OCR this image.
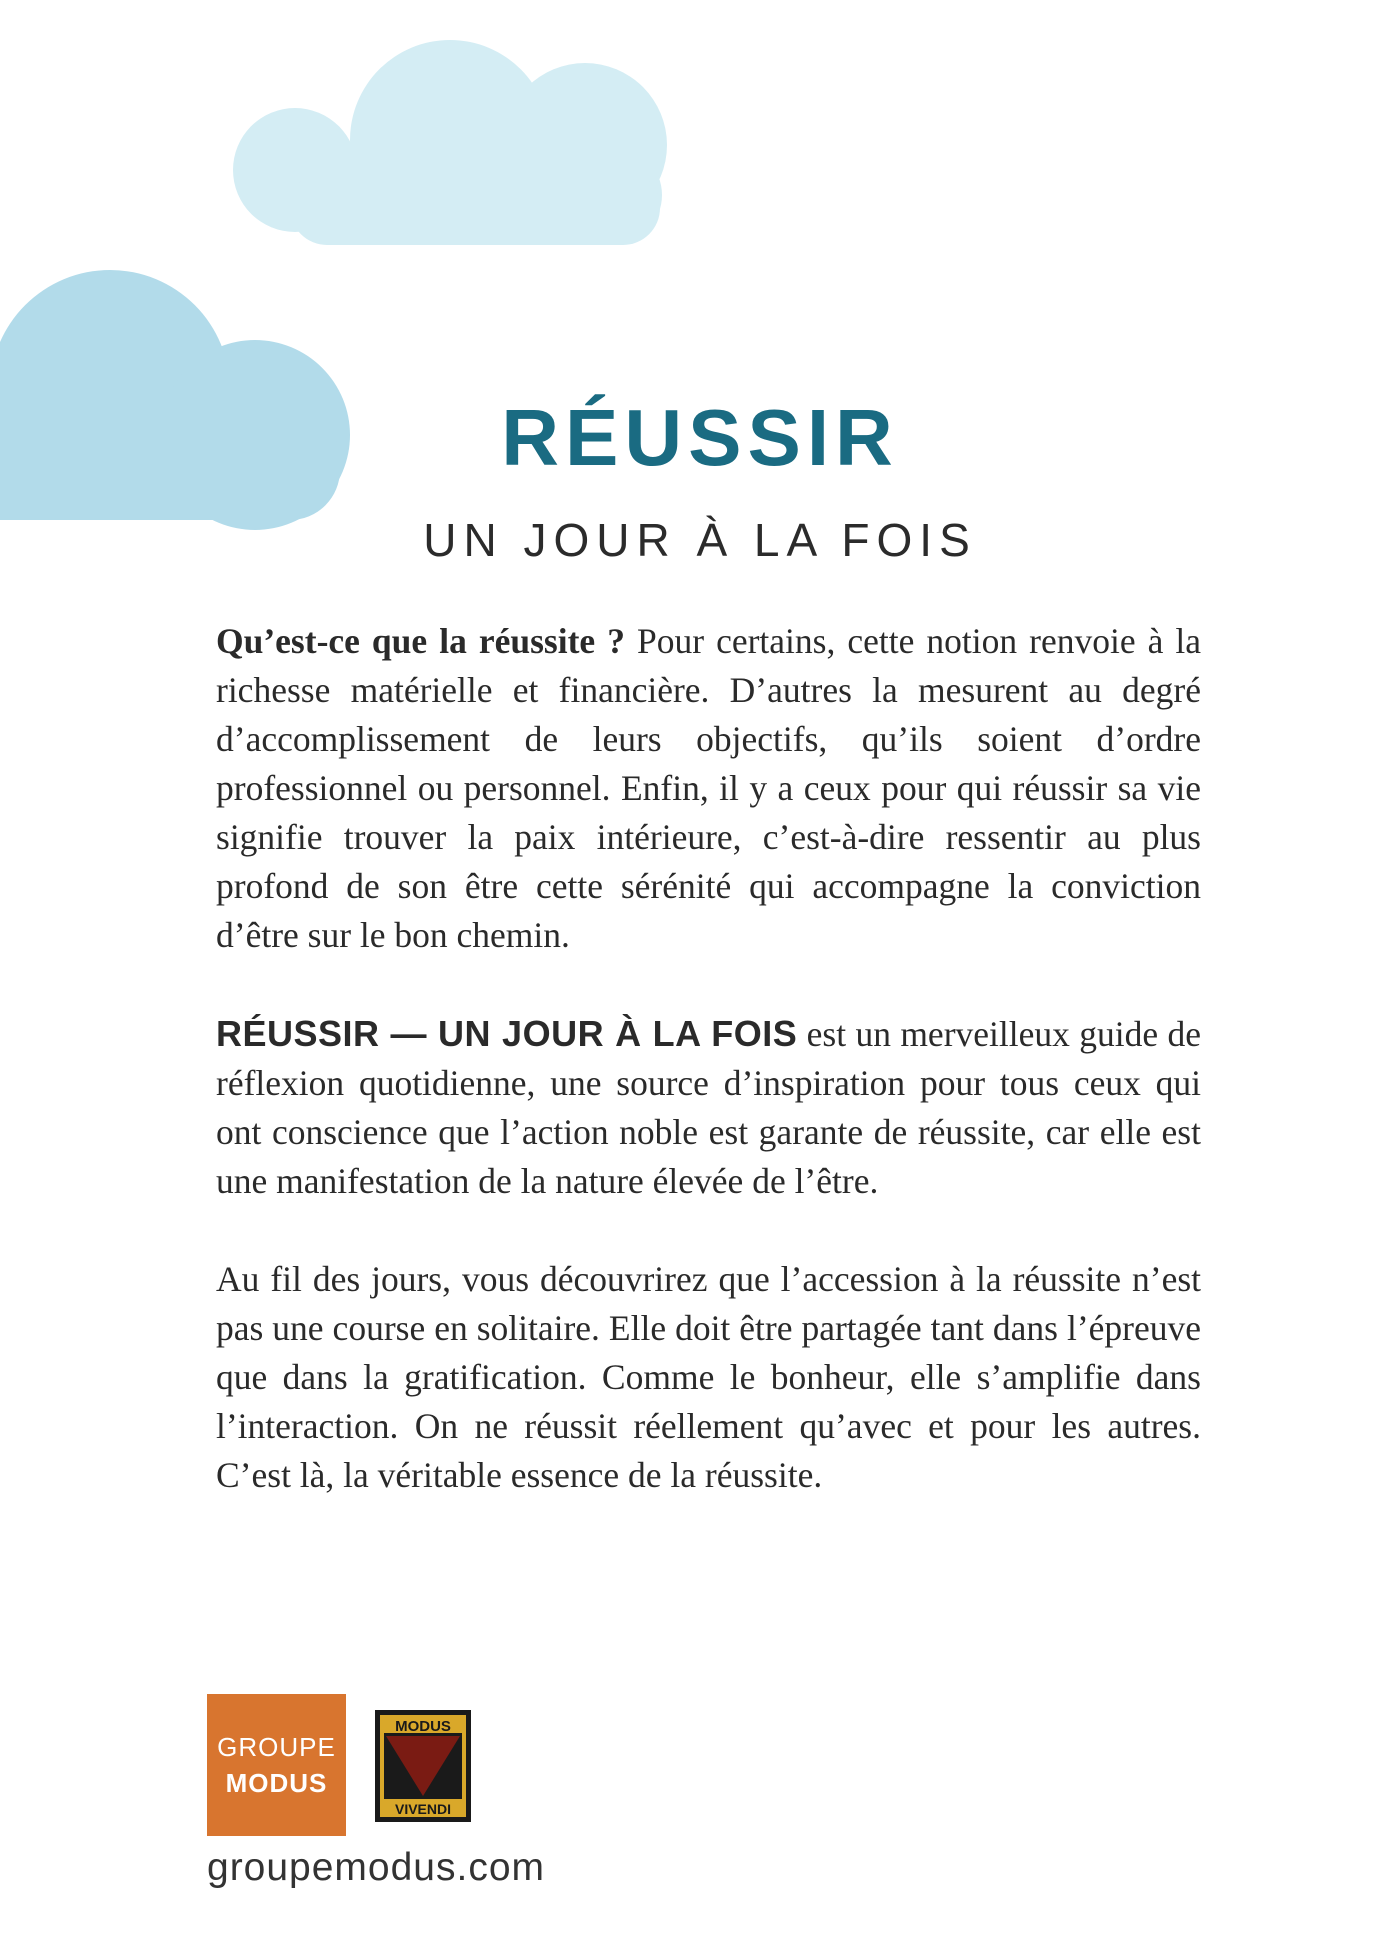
RÉUSSIR
UN JOUR À LA FOIS

Qu’est-ce que la réussite ? Pour certains, cette notion renvoie à la richesse matérielle et financière. D’autres la mesurent au degré d’accomplissement de leurs objectifs, qu’ils soient d’ordre professionnel ou personnel. Enfin, il y a ceux pour qui réussir sa vie signifie trouver la paix intérieure, c’est-à-dire ressentir au plus profond de son être cette sérénité qui accompagne la conviction d’être sur le bon chemin.

RÉUSSIR — UN JOUR À LA FOIS est un merveilleux guide de réflexion quotidienne, une source d’inspiration pour tous ceux qui ont conscience que l’action noble est garante de réussite, car elle est une manifestation de la nature élevée de l’être.

Au fil des jours, vous découvrirez que l’accession à la réussite n’est pas une course en solitaire. Elle doit être partagée tant dans l’épreuve que dans la gratification. Comme le bonheur, elle s’amplifie dans l’interaction. On ne réussit réellement qu’avec et pour les autres. C’est là, la véritable essence de la réussite.

GROUPE
MODUS
MODUS
VIVENDI
groupemodus.com
